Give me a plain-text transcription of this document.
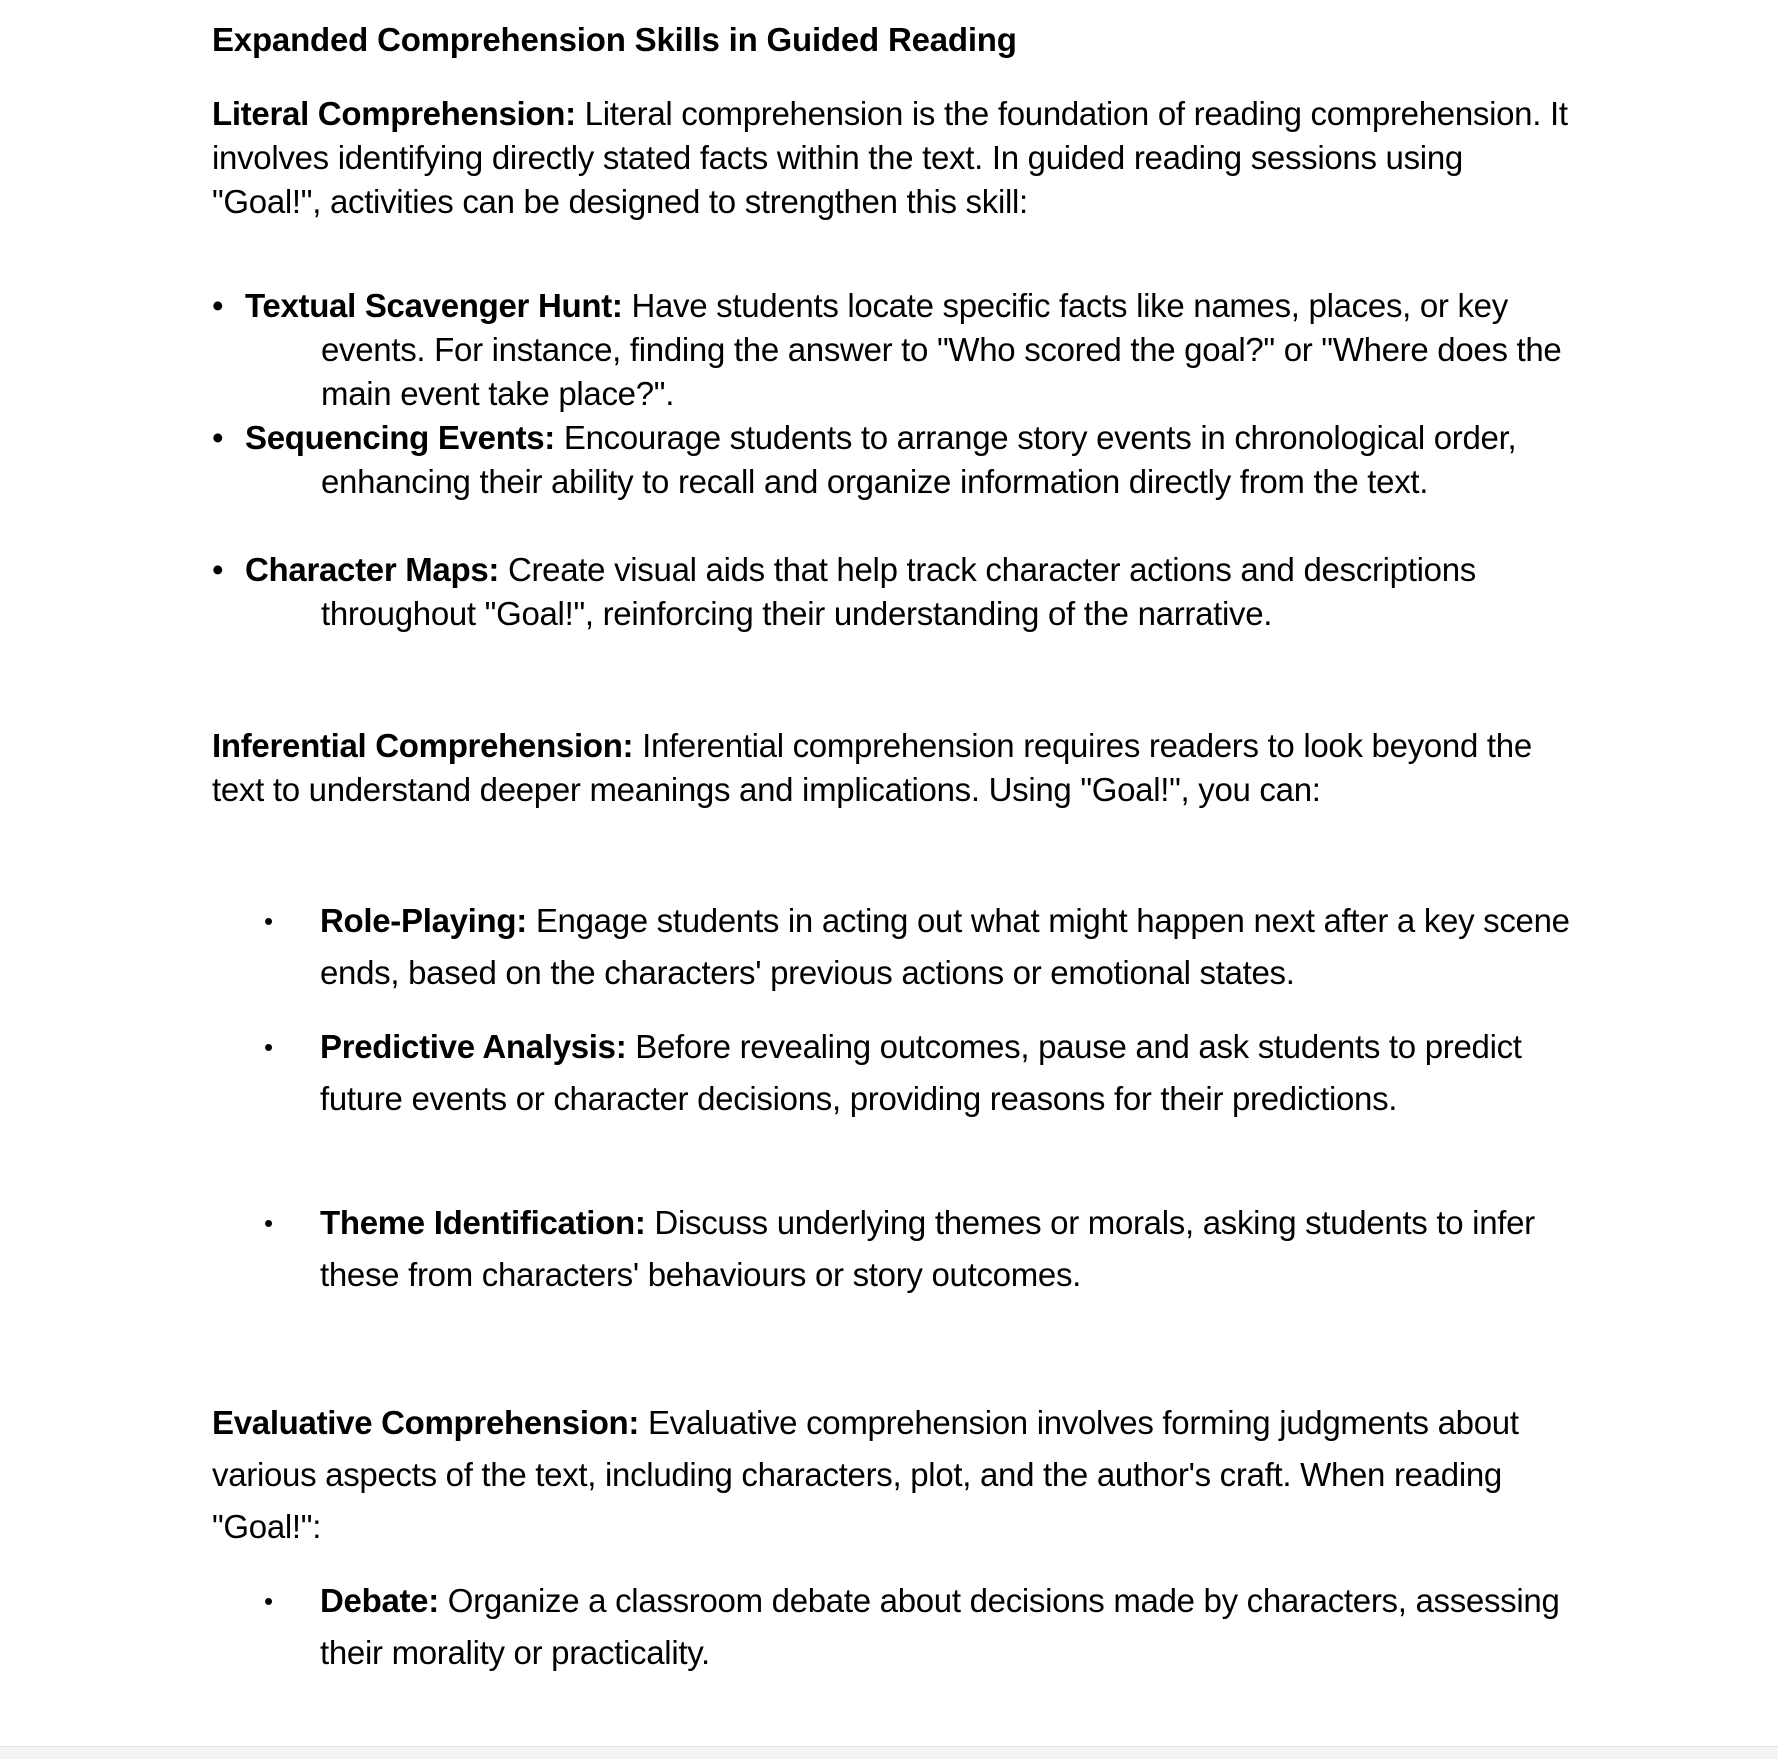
Expanded Comprehension Skills in Guided Reading

Literal Comprehension: Literal comprehension is the foundation of reading comprehension. It involves identifying directly stated facts within the text. In guided reading sessions using "Goal!", activities can be designed to strengthen this skill:

• Textual Scavenger Hunt: Have students locate specific facts like names, places, or key events. For instance, finding the answer to "Who scored the goal?" or "Where does the main event take place?".
• Sequencing Events: Encourage students to arrange story events in chronological order, enhancing their ability to recall and organize information directly from the text.
• Character Maps: Create visual aids that help track character actions and descriptions throughout "Goal!", reinforcing their understanding of the narrative.

Inferential Comprehension: Inferential comprehension requires readers to look beyond the text to understand deeper meanings and implications. Using "Goal!", you can:

• Role-Playing: Engage students in acting out what might happen next after a key scene ends, based on the characters' previous actions or emotional states.
• Predictive Analysis: Before revealing outcomes, pause and ask students to predict future events or character decisions, providing reasons for their predictions.
• Theme Identification: Discuss underlying themes or morals, asking students to infer these from characters' behaviours or story outcomes.

Evaluative Comprehension: Evaluative comprehension involves forming judgments about various aspects of the text, including characters, plot, and the author's craft. When reading "Goal!":

• Debate: Organize a classroom debate about decisions made by characters, assessing their morality or practicality.
